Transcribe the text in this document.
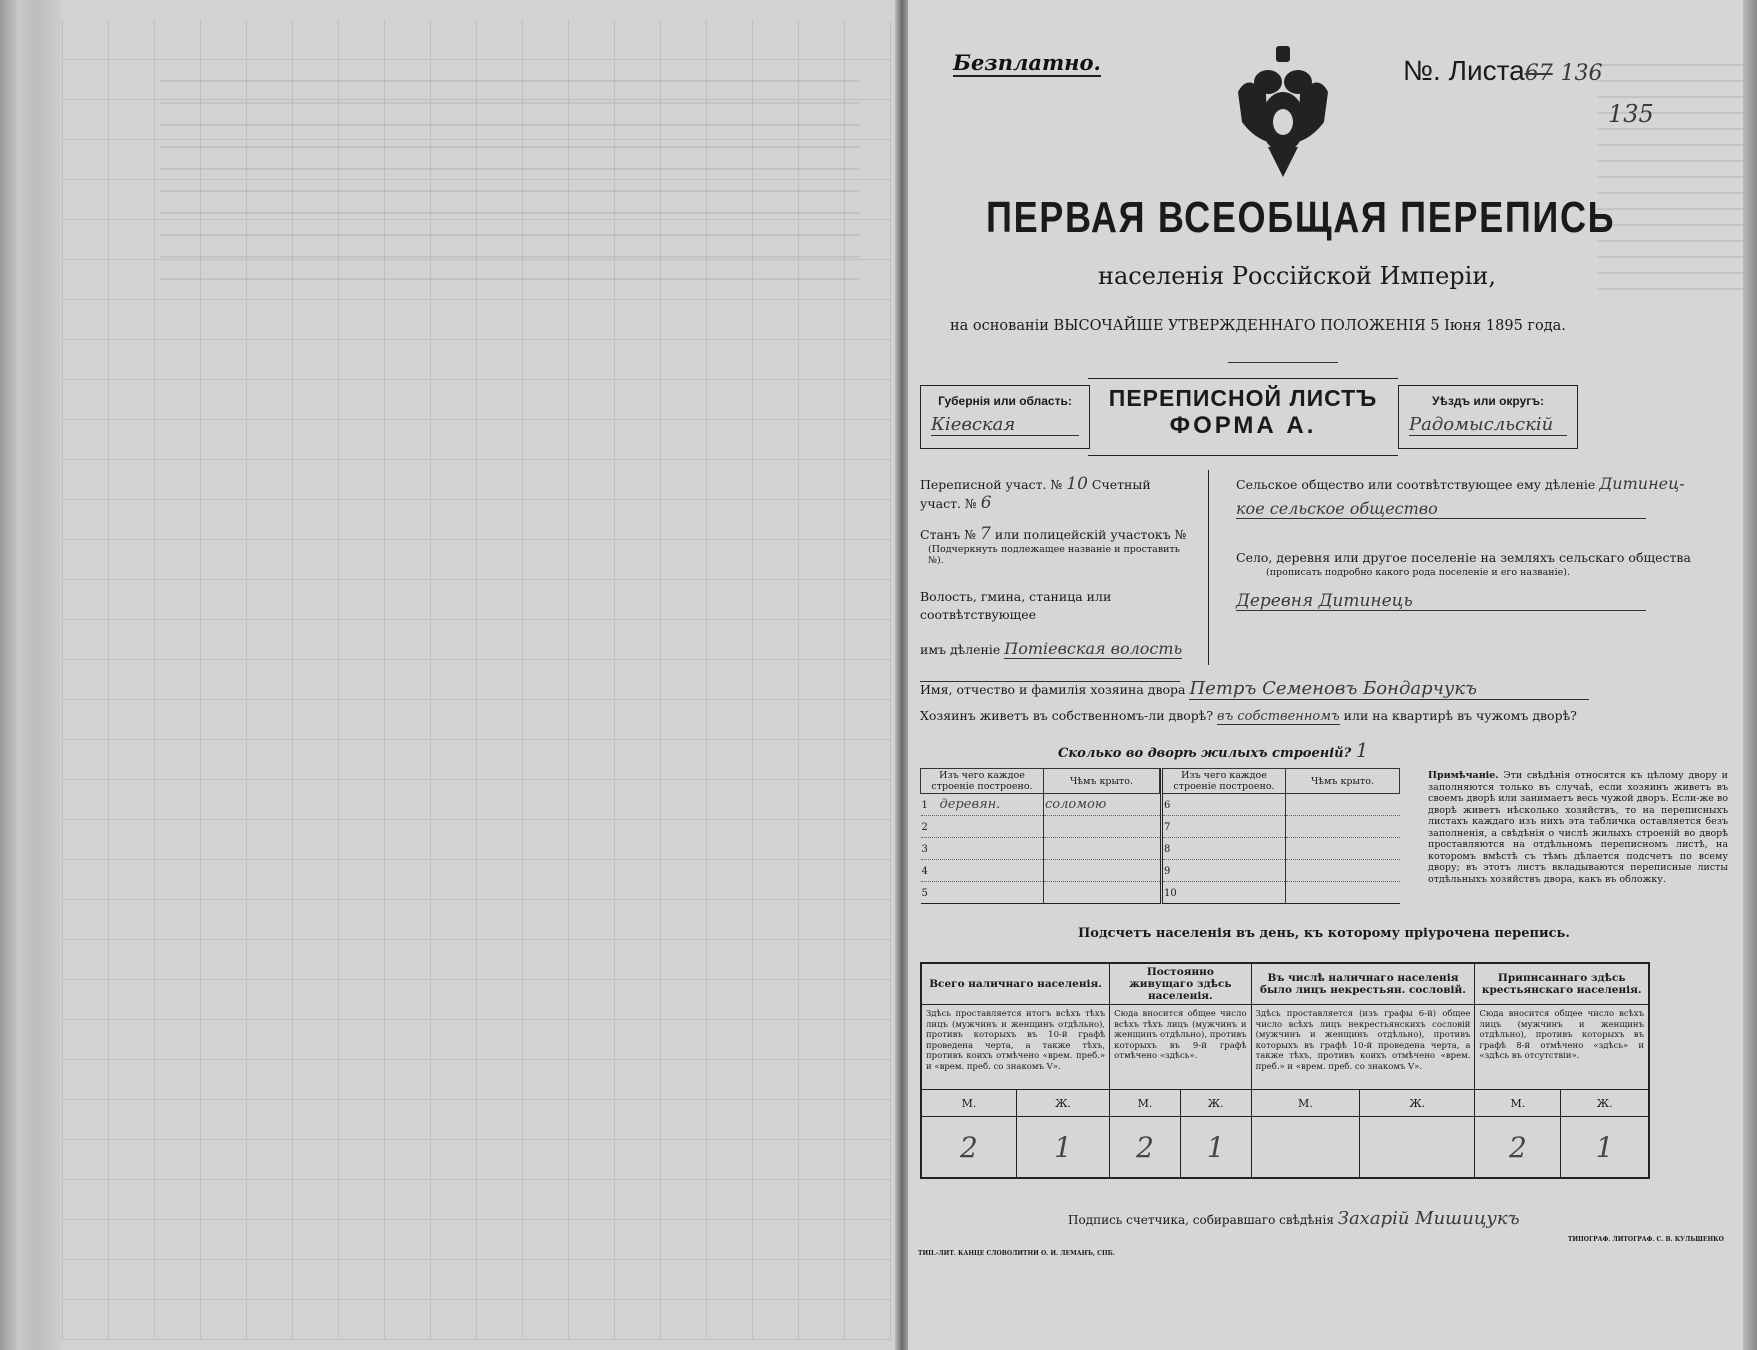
Безплатно.	№. Листа67 136
135
ПЕРВАЯ ВСЕОБЩАЯ ПЕРЕПИСЬ
населенія Россійской Имперіи,
на основаніи ВЫСОЧАЙШЕ УТВЕРЖДЕННАГО ПОЛОЖЕНІЯ 5 Іюня 1895 года.
Губернія или область:
Кіевская
ПЕРЕПИСНОЙ ЛИСТЪ
ФОРМА А.
Уѣздъ или округъ:
Радомысльскій
Переписной участ. № 10 Счетный участ. № 6
Станъ № 7 или полицейскій участокъ №
(Подчеркнуть подлежащее названіе и проставить №).
Волость, гмина, станица или соотвѣтствующее
имъ дѣленіе Потіевская волость
Сельское общество или соотвѣтствующее ему дѣленіе Дитинец-
кое сельское общество
Село, деревня или другое поселеніе на земляхъ сельскаго общества
(прописать подробно какого рода поселеніе и его названіе).
Деревня Дитинець
Имя, отчество и фамилія хозяина двора Петръ Семеновъ Бондарчукъ
Хозяинъ живетъ въ собственномъ-ли дворѣ? въ собственномъ или на квартирѣ въ чужомъ дворѣ?
Сколько во дворѣ жилыхъ строеній? 1
Изъ чего каждое строеніе построено.	Чѣмъ крыто.
1 деревян.	соломою
2	
3	
4	
5	
Изъ чего каждое строеніе построено.	Чѣмъ крыто.
6	
7	
8	
9	
10	
Примѣчаніе. Эти свѣдѣнія относятся къ цѣлому двору и заполняются только въ случаѣ, если хозяинъ живетъ въ своемъ дворѣ или занимаетъ весь чужой дворъ. Если-же во дворѣ живетъ нѣсколько хозяйствъ, то на переписныхъ листахъ каждаго изъ нихъ эта табличка оставляется безъ заполненія, а свѣдѣнія о числѣ жилыхъ строеній во дворѣ проставляются на отдѣльномъ переписномъ листѣ, на которомъ вмѣстѣ съ тѣмъ дѣлается подсчетъ по всему двору; въ этотъ листъ вкладываются переписные листы отдѣльныхъ хозяйствъ двора, какъ въ обложку.
Подсчетъ населенія въ день, къ которому пріурочена перепись.
Всего наличнаго населенія.		Постоянно живущаго здѣсь населенія.		Въ числѣ наличнаго населенія было лицъ некрестьян. сословій.		Приписаннаго здѣсь крестьянскаго населенія.	
Здѣсь проставляется итогъ всѣхъ тѣхъ лицъ (мужчинъ и женщинъ отдѣльно), противъ которыхъ въ 10-й графѣ проведена черта, а также тѣхъ, противъ коихъ отмѣчено «врем. преб.» и «врем. преб. со знакомъ V».		Сюда вносится общее число всѣхъ тѣхъ лицъ (мужчинъ и женщинъ отдѣльно), противъ которыхъ въ 9-й графѣ отмѣчено «здѣсь».		Здѣсь проставляется (изъ графы 6-й) общее число всѣхъ лицъ некрестьянскихъ сословій (мужчинъ и женщинъ отдѣльно), противъ которыхъ въ графѣ 10-й проведена черта, а также тѣхъ, противъ коихъ отмѣчено «врем. преб.» и «врем. преб. со знакомъ V».		Сюда вносится общее число всѣхъ лицъ (мужчинъ и женщинъ отдѣльно), противъ которыхъ въ графѣ 8-й отмѣчено «здѣсь» и «здѣсь въ отсутствіи».	
М.	Ж.	М.	Ж.	М.	Ж.	М.	Ж.
2	1	2	1			2	1
Подпись счетчика, собиравшаго свѣдѣнія Захарій Мишицукъ
ТИП.-ЛИТ. КАНЦЕ СЛОВОЛИТНИ О. И. ЛЕМАНЪ, СПБ.
ТИПОГРАФ. ЛИТОГРАФ. С. В. КУЛЬШЕНКО
